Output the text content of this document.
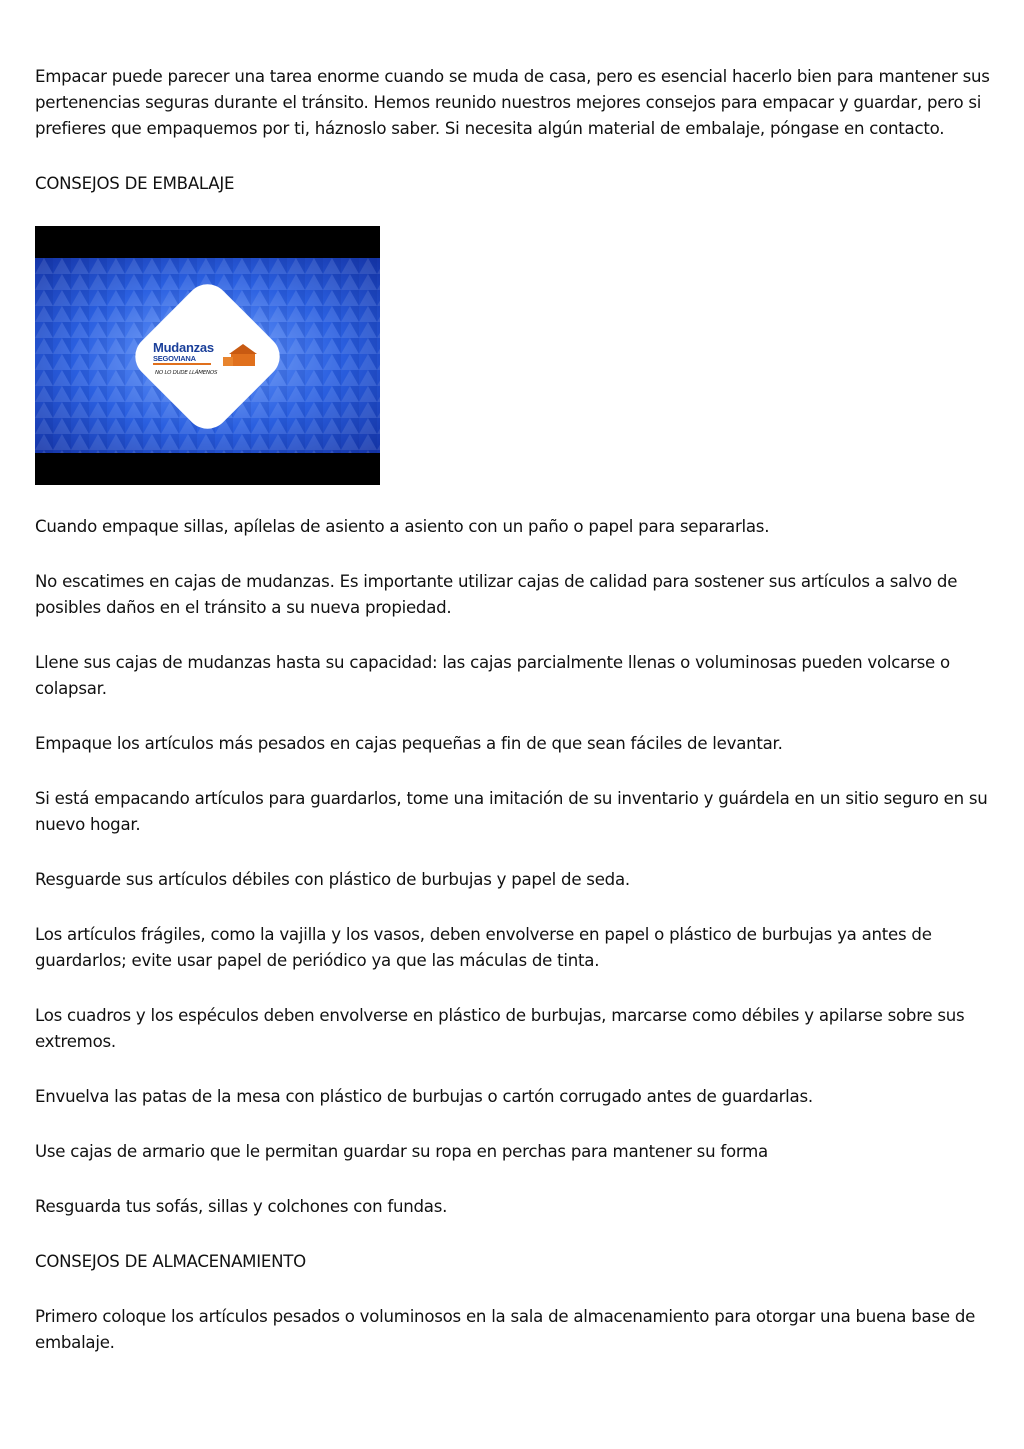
Empacar puede parecer una tarea enorme cuando se muda de casa, pero es esencial hacerlo bien para mantener sus pertenencias seguras durante el tránsito. Hemos reunido nuestros mejores consejos para empacar y guardar, pero si prefieres que empaquemos por ti, háznoslo saber. Si necesita algún material de embalaje, póngase en contacto.

CONSEJOS DE EMBALAJE

Mudanzas
SEGOVIANA
NO LO DUDE LLÁMENOS

Cuando empaque sillas, apílelas de asiento a asiento con un paño o papel para separarlas.

No escatimes en cajas de mudanzas. Es importante utilizar cajas de calidad para sostener sus artículos a salvo de posibles daños en el tránsito a su nueva propiedad.

Llene sus cajas de mudanzas hasta su capacidad: las cajas parcialmente llenas o voluminosas pueden volcarse o colapsar.

Empaque los artículos más pesados en cajas pequeñas a fin de que sean fáciles de levantar.

Si está empacando artículos para guardarlos, tome una imitación de su inventario y guárdela en un sitio seguro en su nuevo hogar.

Resguarde sus artículos débiles con plástico de burbujas y papel de seda.

Los artículos frágiles, como la vajilla y los vasos, deben envolverse en papel o plástico de burbujas ya antes de guardarlos; evite usar papel de periódico ya que las máculas de tinta.

Los cuadros y los espéculos deben envolverse en plástico de burbujas, marcarse como débiles y apilarse sobre sus extremos.

Envuelva las patas de la mesa con plástico de burbujas o cartón corrugado antes de guardarlas.

Use cajas de armario que le permitan guardar su ropa en perchas para mantener su forma

Resguarda tus sofás, sillas y colchones con fundas.

CONSEJOS DE ALMACENAMIENTO

Primero coloque los artículos pesados o voluminosos en la sala de almacenamiento para otorgar una buena base de embalaje.
